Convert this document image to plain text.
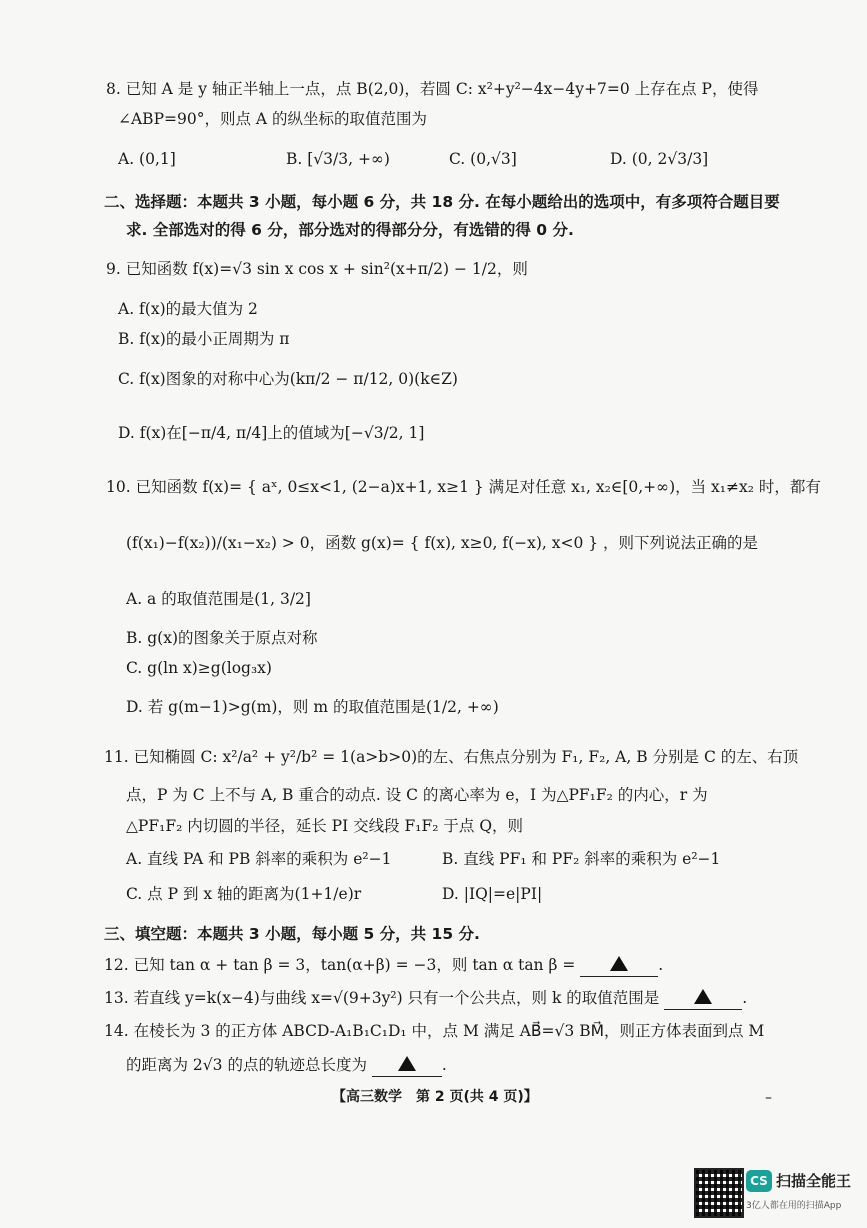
8. 已知 A 是 y 轴正半轴上一点，点 B(2,0)，若圆 C: x²+y²−4x−4y+7=0 上存在点 P，使得
∠ABP=90°，则点 A 的纵坐标的取值范围为
A. (0,1]	B. [√3/3, +∞)	C. (0,√3]	D. (0, 2√3/3]
二、选择题：本题共 3 小题，每小题 6 分，共 18 分. 在每小题给出的选项中，有多项符合题目要
求. 全部选对的得 6 分，部分选对的得部分分，有选错的得 0 分.
9. 已知函数 f(x)=√3 sin x cos x + sin²(x+π/2) − 1/2，则
A. f(x)的最大值为 2
B. f(x)的最小正周期为 π
C. f(x)图象的对称中心为(kπ/2 − π/12, 0)(k∈Z)
D. f(x)在[−π/4, π/4]上的值域为[−√3/2, 1]
10. 已知函数 f(x)= { aˣ, 0≤x<1, (2−a)x+1, x≥1 } 满足对任意 x₁, x₂∈[0,+∞)，当 x₁≠x₂ 时，都有
(f(x₁)−f(x₂))/(x₁−x₂) > 0，函数 g(x)= { f(x), x≥0, f(−x), x<0 } ，则下列说法正确的是
A. a 的取值范围是(1, 3/2]
B. g(x)的图象关于原点对称
C. g(ln x)≥g(log₃x)
D. 若 g(m−1)>g(m)，则 m 的取值范围是(1/2, +∞)
11. 已知椭圆 C: x²/a² + y²/b² = 1(a>b>0)的左、右焦点分别为 F₁, F₂, A, B 分别是 C 的左、右顶
点，P 为 C 上不与 A, B 重合的动点. 设 C 的离心率为 e，I 为△PF₁F₂ 的内心，r 为
△PF₁F₂ 内切圆的半径，延长 PI 交线段 F₁F₂ 于点 Q，则
A. 直线 PA 和 PB 斜率的乘积为 e²−1	B. 直线 PF₁ 和 PF₂ 斜率的乘积为 e²−1
C. 点 P 到 x 轴的距离为(1+1/e)r	D. |IQ|=e|PI|
三、填空题：本题共 3 小题，每小题 5 分，共 15 分.
12. 已知 tan α + tan β = 3，tan(α+β) = −3，则 tan α tan β =	.
13. 若直线 y=k(x−4)与曲线 x=√(9+3y²) 只有一个公共点，则 k 的取值范围是	.
14. 在棱长为 3 的正方体 ABCD-A₁B₁C₁D₁ 中，点 M 满足 AB⃗=√3 BM⃗，则正方体表面到点 M
的距离为 2√3 的点的轨迹总长度为	.
【高三数学　第 2 页(共 4 页)】	–
CS 扫描全能王
3亿人都在用的扫描App
